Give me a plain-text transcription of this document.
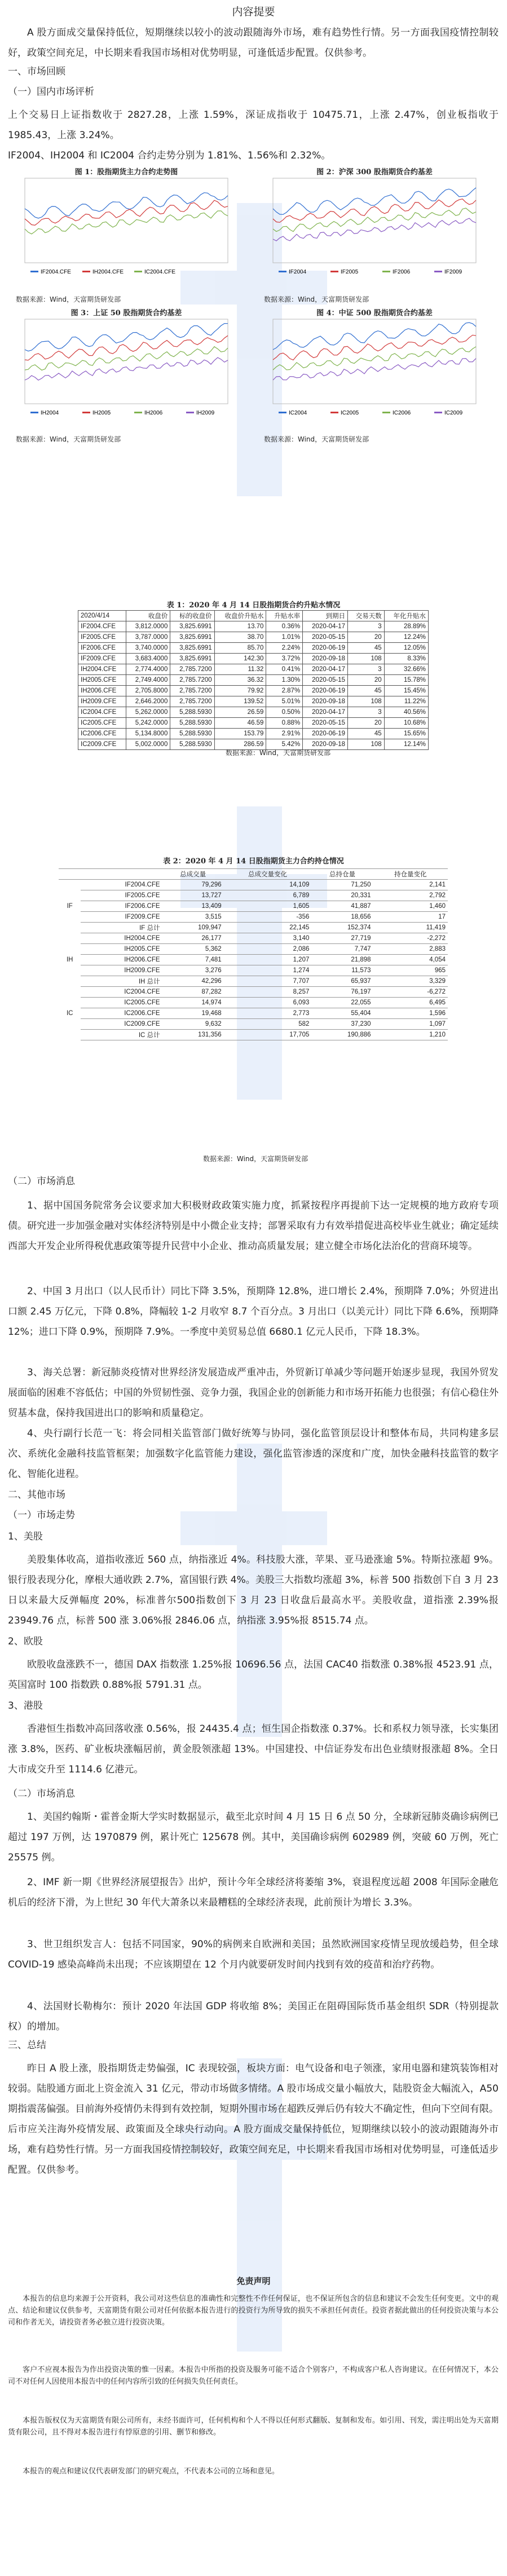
内容提要
A 股方面成交量保持低位，短期继续以较小的波动跟随海外市场，难有趋势性行情。另一方面我国疫情控制较好，政策空间充足，中长期来看我国市场相对优势明显，可逢低适步配置。仅供参考。
一、市场回顾
（一）国内市场评析
上个交易日上证指数收于 2827.28，上涨 1.59%，深证成指收于 10475.71，上涨 2.47%，创业板指收于 1985.43，上涨 3.24%。
IF2004、IH2004 和 IC2004 合约走势分别为 1.81%、1.56%和 2.32%。
图 1：股指期货主力合约走势图
IF2004.CFE	IH2004.CFE	IC2004.CFE
数据来源：Wind，天富期货研发部
图 2：沪深 300 股指期货合约基差
IF2004	IF2005	IF2006	IF2009
数据来源：Wind，天富期货研发部
图 3：上证 50 股指期货合约基差
IH2004	IH2005	IH2006	IH2009
数据来源：Wind，天富期货研发部
图 4：中证 500 股指期货合约基差
IC2004	IC2005	IC2006	IC2009
数据来源：Wind，天富期货研发部
表 1：2020 年 4 月 14 日股指期货合约升贴水情况
2020/4/14	收盘价	标的收盘价	收盘价升贴水	升贴水率	到期日	交易天数	年化升贴水
IF2004.CFE	3,812.0000	3,825.6991	13.70	0.36%	2020-04-17	3	28.89%
IF2005.CFE	3,787.0000	3,825.6991	38.70	1.01%	2020-05-15	20	12.24%
IF2006.CFE	3,740.0000	3,825.6991	85.70	2.24%	2020-06-19	45	12.05%
IF2009.CFE	3,683.4000	3,825.6991	142.30	3.72%	2020-09-18	108	8.33%
IH2004.CFE	2,774.4000	2,785.7200	11.32	0.41%	2020-04-17	3	32.66%
IH2005.CFE	2,749.4000	2,785.7200	36.32	1.30%	2020-05-15	20	15.78%
IH2006.CFE	2,705.8000	2,785.7200	79.92	2.87%	2020-06-19	45	15.45%
IH2009.CFE	2,646.2000	2,785.7200	139.52	5.01%	2020-09-18	108	11.22%
IC2004.CFE	5,262.0000	5,288.5930	26.59	0.50%	2020-04-17	3	40.56%
IC2005.CFE	5,242.0000	5,288.5930	46.59	0.88%	2020-05-15	20	10.68%
IC2006.CFE	5,134.8000	5,288.5930	153.79	2.91%	2020-06-19	45	15.65%
IC2009.CFE	5,002.0000	5,288.5930	286.59	5.42%	2020-09-18	108	12.14%
数据来源：Wind，天富期货研发部
表 2：2020 年 4 月 14 日股指期货主力合约持仓情况
		总成交量	总成交量变化	总持仓量	持仓量变化
IF	IF2004.CFE	79,296	14,109	71,250	2,141
	IF2005.CFE	13,727	6,789	20,331	2,792
	IF2006.CFE	13,409	1,605	41,887	1,460
	IF2009.CFE	3,515	-356	18,656	17
	IF 总计	109,947	22,145	152,374	11,419
IH	IH2004.CFE	26,177	3,140	27,719	-2,272
	IH2005.CFE	5,362	2,086	7,747	2,883
	IH2006.CFE	7,481	1,207	21,898	4,054
	IH2009.CFE	3,276	1,274	11,573	965
	IH 总计	42,296	7,707	65,937	3,329
IC	IC2004.CFE	87,282	8,257	76,197	-6,272
	IC2005.CFE	14,974	6,093	22,055	6,495
	IC2006.CFE	19,468	2,773	55,404	1,596
	IC2009.CFE	9,632	582	37,230	1,097
	IC 总计	131,356	17,705	190,886	1,210
数据来源：Wind，天富期货研发部
（二）市场消息
1、据中国国务院常务会议要求加大积极财政政策实施力度，抓紧按程序再提前下达一定规模的地方政府专项债。研究进一步加强金融对实体经济特别是中小微企业支持；部署采取有力有效举措促进高校毕业生就业；确定延续西部大开发企业所得税优惠政策等提升民营中小企业、推动高质量发展；建立健全市场化法治化的营商环境等。
2、中国 3 月出口（以人民币计）同比下降 3.5%，预期降 12.8%，进口增长 2.4%，预期降 7.0%；外贸进出口额 2.45 万亿元，下降 0.8%，降幅较 1-2 月收窄 8.7 个百分点。3 月出口（以美元计）同比下降 6.6%，预期降 12%；进口下降 0.9%，预期降 7.9%。一季度中美贸易总值 6680.1 亿元人民币，下降 18.3%。
3、海关总署：新冠肺炎疫情对世界经济发展造成严重冲击，外贸新订单减少等问题开始逐步显现，我国外贸发展面临的困难不容低估；中国的外贸韧性强、竞争力强，我国企业的创新能力和市场开拓能力也很强；有信心稳住外贸基本盘，保持我国进出口的影响和质量稳定。
4、央行副行长范一飞：将会同相关监管部门做好统筹与协同，强化监管顶层设计和整体布局，共同构建多层次、系统化金融科技监管框架；加强数字化监管能力建设，强化监管渗透的深度和广度，加快金融科技监管的数字化、智能化进程。
二、其他市场
（一）市场走势
1、美股
美股集体收高，道指收涨近 560 点，纳指涨近 4%。科技股大涨，苹果、亚马逊涨逾 5%。特斯拉涨超 9%。银行股表现分化，摩根大通收跌 2.7%，富国银行跌 4%。美股三大指数均涨超 3%，标普 500 指数创下自 3 月 23 日以来最大反弹幅度 20%，标准普尔500指数创下 3 月 23 日收盘后最高水平。美股收盘，道指涨 2.39%报 23949.76 点，标普 500 涨 3.06%报 2846.06 点，纳指涨 3.95%报 8515.74 点。
2、欧股
欧股收盘涨跌不一，德国 DAX 指数涨 1.25%报 10696.56 点，法国 CAC40 指数涨 0.38%报 4523.91 点，英国富时 100 指数跌 0.88%报 5791.31 点。
3、港股
香港恒生指数冲高回落收涨 0.56%，报 24435.4 点；恒生国企指数涨 0.37%。长和系权力领导涨，长实集团涨 3.8%，医药、矿业板块涨幅居前，黄金股领涨超 13%。中国建投、中信证券发布出色业绩财报涨超 8%。全日大市成交升至 1114.6 亿港元。
（二）市场消息
1、美国约翰斯・霍普金斯大学实时数据显示，截至北京时间 4 月 15 日 6 点 50 分，全球新冠肺炎确诊病例已超过 197 万例，达 1970879 例，累计死亡 125678 例。其中，美国确诊病例 602989 例，突破 60 万例，死亡 25575 例。
2、IMF 新一期《世界经济展望报告》出炉，预计今年全球经济将萎缩 3%，衰退程度远超 2008 年国际金融危机后的经济下滑，为上世纪 30 年代大萧条以来最糟糕的全球经济表现，此前预计为增长 3.3%。
3、世卫组织发言人：包括不同国家，90%的病例来自欧洲和美国；虽然欧洲国家疫情呈现放缓趋势，但全球 COVID-19 感染高峰尚未出现；不应该期望在 12 个月内就要研发时间内找到有效的疫苗和治疗药物。
4、法国财长勒梅尔：预计 2020 年法国 GDP 将收缩 8%；美国正在阻碍国际货币基金组织 SDR（特别提款权）的增加。
三、总结
昨日 A 股上涨，股指期货走势偏强，IC 表现较强，板块方面：电气设备和电子领涨，家用电器和建筑装饰相对较弱。陆股通方面北上资金流入 31 亿元，带动市场做多情绪。A 股市场成交量小幅放大，陆股资金大幅流入，A50 期指震荡偏强。目前海外疫情仍未得到有效控制，短期外围市场在超跌反弹后仍有较大不确定性，但向下空间有限。后市应关注海外疫情发展、政策面及全球央行动向。A 股方面成交量保持低位，短期继续以较小的波动跟随海外市场，难有趋势性行情。另一方面我国疫情控制较好，政策空间充足，中长期来看我国市场相对优势明显，可逢低适步配置。仅供参考。
免责声明
本报告的信息均来源于公开资料，我公司对这些信息的准确性和完整性不作任何保证，也不保证所包含的信息和建议不会发生任何变更。文中的观点、结论和建议仅供参考，天富期货有限公司对任何依据本报告进行的投资行为所导致的损失不承担任何责任。投资者据此做出的任何投资决策与本公司和作者无关，请投资者务必独立进行投资决策。
客户不应视本报告为作出投资决策的惟一因素。本报告中所指的投资及服务可能不适合个别客户，不构成客户私人咨询建议。在任何情况下，本公司不对任何人因使用本报告中的任何内容所引致的任何损失负任何责任。
本报告版权仅为天富期货有限公司所有，未经书面许可，任何机构和个人不得以任何形式翻版、复制和发布。如引用、刊发，需注明出处为天富期货有限公司，且不得对本报告进行有悖原意的引用、删节和修改。
本报告的观点和建议仅代表研发部门的研究观点，不代表本公司的立场和意见。
